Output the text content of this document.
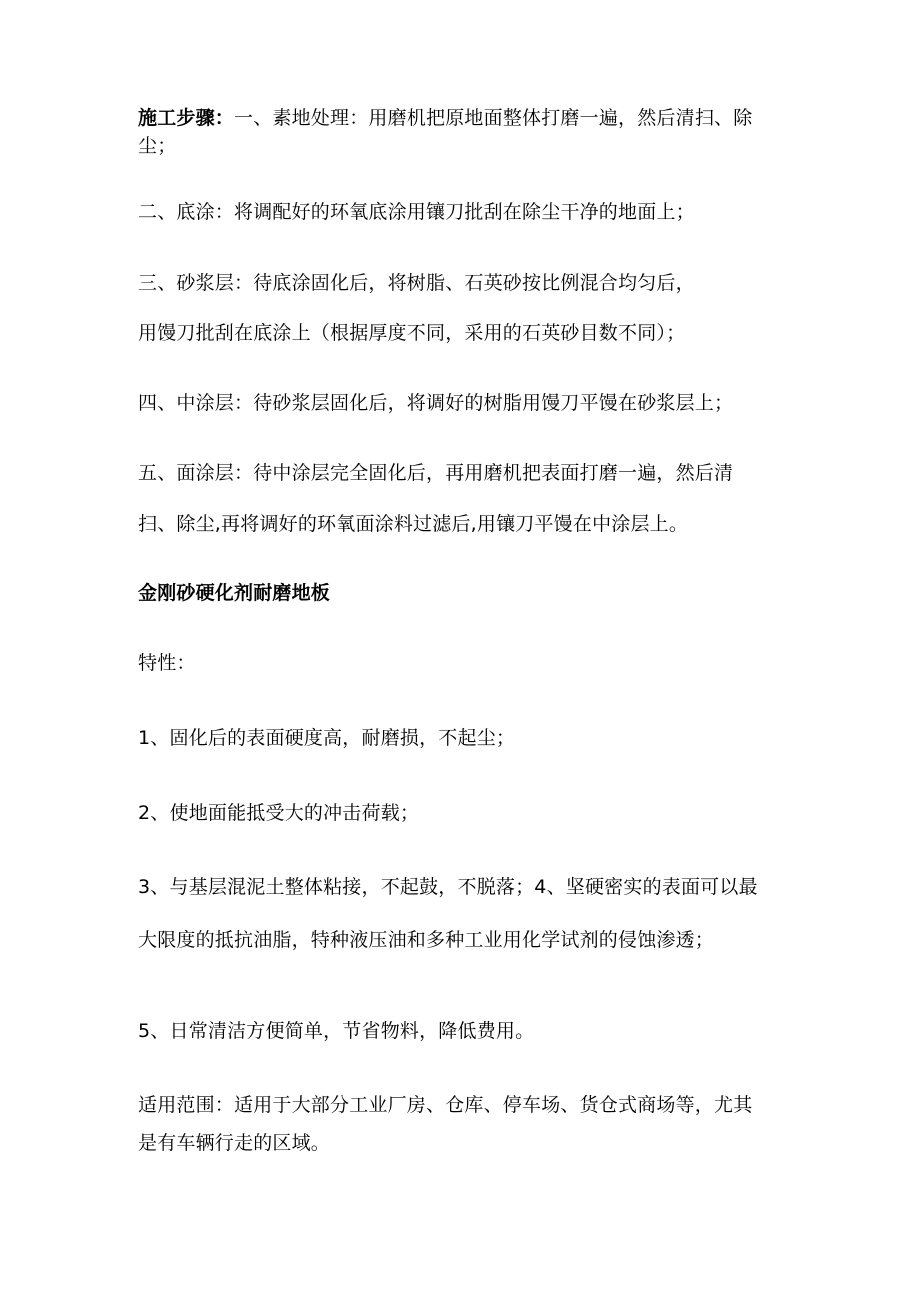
施工步骤：一、素地处理：用磨机把原地面整体打磨一遍，然后清扫、除
尘；
二、底涂：将调配好的环氧底涂用镶刀批刮在除尘干净的地面上；
三、砂浆层：待底涂固化后，将树脂、石英砂按比例混合均匀后，
用馒刀批刮在底涂上（根据厚度不同，采用的石英砂目数不同）；
四、中涂层：待砂浆层固化后，将调好的树脂用馒刀平馒在砂浆层上；
五、面涂层：待中涂层完全固化后，再用磨机把表面打磨一遍，然后清
扫、除尘,再将调好的环氧面涂料过滤后,用镶刀平馒在中涂层上。
金刚砂硬化剂耐磨地板
特性：
1、固化后的表面硬度高，耐磨损，不起尘；
2、使地面能抵受大的冲击荷载；
3、与基层混泥土整体粘接，不起鼓，不脱落；4、坚硬密实的表面可以最
大限度的抵抗油脂，特种液压油和多种工业用化学试剂的侵蚀渗透；
5、日常清洁方便简单，节省物料，降低费用。
适用范围：适用于大部分工业厂房、仓库、停车场、货仓式商场等，尤其
是有车辆行走的区域。
